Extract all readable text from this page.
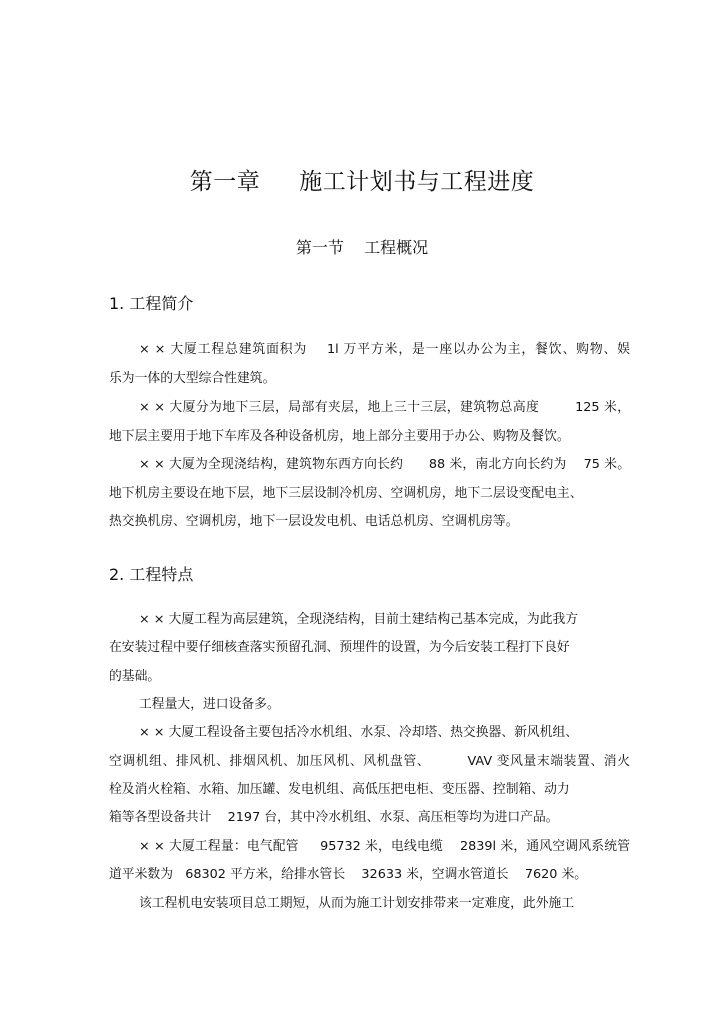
第一章     施工计划书与工程进度
第一节    工程概况
1. 工程简介
× × 大厦工程总建筑面积为    1l 万平方米，是一座以办公为主，餐饮、购物、娱
乐为一体的大型综合性建筑。
× × 大厦分为地下三层，局部有夹层，地上三十三层，建筑物总高度        125 米，
地下层主要用于地下车库及各种设备机房，地上部分主要用于办公、购物及餐饮。
× × 大厦为全现浇结构，建筑物东西方向长约      88 米，南北方向长约为    75 米。
地下机房主要设在地下层，地下三层设制冷机房、空调机房，地下二层设变配电主、
热交换机房、空调机房，地下一层设发电机、电话总机房、空调机房等。
2. 工程特点
× × 大厦工程为高层建筑，全现浇结构，目前土建结构己基本完成，为此我方
在安装过程中要仔细核查落实预留孔洞、预埋件的设置，为今后安装工程打下良好
的基础。
工程量大，进口设备多。
× × 大厦工程设备主要包括冷水机组、水泵、冷却塔、热交换器、新风机组、
空调机组、排风机、排烟风机、加压风机、风机盘管、        VAV 变风量末端装置、消火
栓及消火栓箱、水箱、加压罐、发电机组、高低压把电柜、变压器、控制箱、动力
箱等各型设备共计    2197 台，其中冷水机组、水泵、高压柜等均为进口产品。
× × 大厦工程量：电气配管     95732 米，电线电缆    2839l 米，通风空调风系统管
道平米数为   68302 平方米，给排水管长    32633 米，空调水管道长    7620 米。
该工程机电安装项目总工期短，从而为施工计划安排带来一定难度，此外施工
